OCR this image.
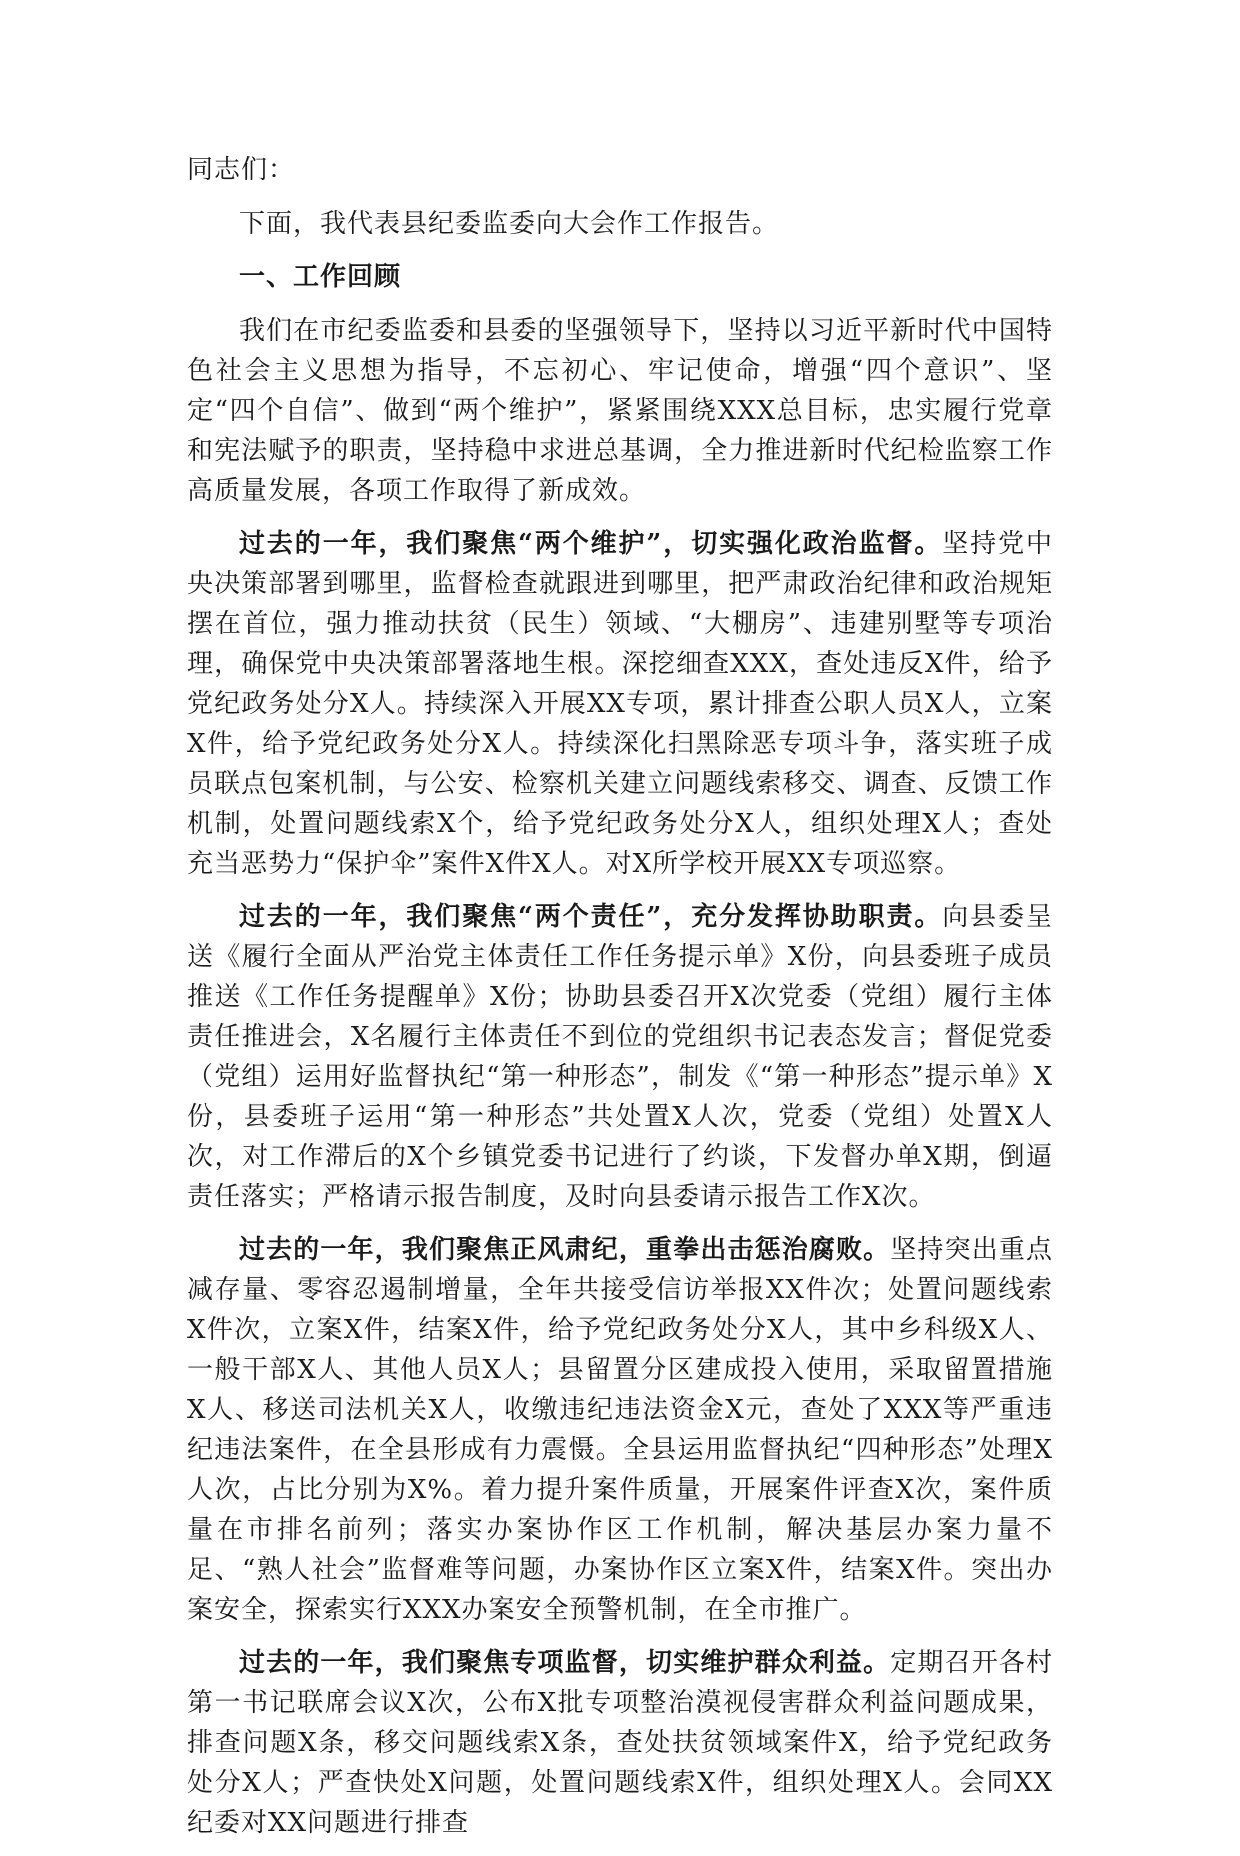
同志们：

下面，我代表县纪委监委向大会作工作报告。

一、工作回顾

我们在市纪委监委和县委的坚强领导下，坚持以习近平新时代中国特色社会主义思想为指导，不忘初心、牢记使命，增强“四个意识”、坚定“四个自信”、做到“两个维护”，紧紧围绕XXX总目标，忠实履行党章和宪法赋予的职责，坚持稳中求进总基调，全力推进新时代纪检监察工作高质量发展，各项工作取得了新成效。

过去的一年，我们聚焦“两个维护”，切实强化政治监督。坚持党中央决策部署到哪里，监督检查就跟进到哪里，把严肃政治纪律和政治规矩摆在首位，强力推动扶贫（民生）领域、“大棚房”、违建别墅等专项治理，确保党中央决策部署落地生根。深挖细查XXX，查处违反X件，给予党纪政务处分X人。持续深入开展XX专项，累计排查公职人员X人，立案X件，给予党纪政务处分X人。持续深化扫黑除恶专项斗争，落实班子成员联点包案机制，与公安、检察机关建立问题线索移交、调查、反馈工作机制，处置问题线索X个，给予党纪政务处分X人，组织处理X人；查处充当恶势力“保护伞”案件X件X人。对X所学校开展XX专项巡察。

过去的一年，我们聚焦“两个责任”，充分发挥协助职责。向县委呈送《履行全面从严治党主体责任工作任务提示单》X份，向县委班子成员推送《工作任务提醒单》X份；协助县委召开X次党委（党组）履行主体责任推进会，X名履行主体责任不到位的党组织书记表态发言；督促党委（党组）运用好监督执纪“第一种形态”，制发《“第一种形态”提示单》X份，县委班子运用“第一种形态”共处置X人次，党委（党组）处置X人次，对工作滞后的X个乡镇党委书记进行了约谈，下发督办单X期，倒逼责任落实；严格请示报告制度，及时向县委请示报告工作X次。

过去的一年，我们聚焦正风肃纪，重拳出击惩治腐败。坚持突出重点减存量、零容忍遏制增量，全年共接受信访举报XX件次；处置问题线索X件次，立案X件，结案X件，给予党纪政务处分X人，其中乡科级X人、一般干部X人、其他人员X人；县留置分区建成投入使用，采取留置措施X人、移送司法机关X人，收缴违纪违法资金X元，查处了XXX等严重违纪违法案件，在全县形成有力震慑。全县运用监督执纪“四种形态”处理X人次，占比分别为X%。着力提升案件质量，开展案件评查X次，案件质量在市排名前列；落实办案协作区工作机制，解决基层办案力量不足、“熟人社会”监督难等问题，办案协作区立案X件，结案X件。突出办案安全，探索实行XXX办案安全预警机制，在全市推广。

过去的一年，我们聚焦专项监督，切实维护群众利益。定期召开各村第一书记联席会议X次，公布X批专项整治漠视侵害群众利益问题成果，排查问题X条，移交问题线索X条，查处扶贫领域案件X，给予党纪政务处分X人；严查快处X问题，处置问题线索X件，组织处理X人。会同XX纪委对XX问题进行排查
